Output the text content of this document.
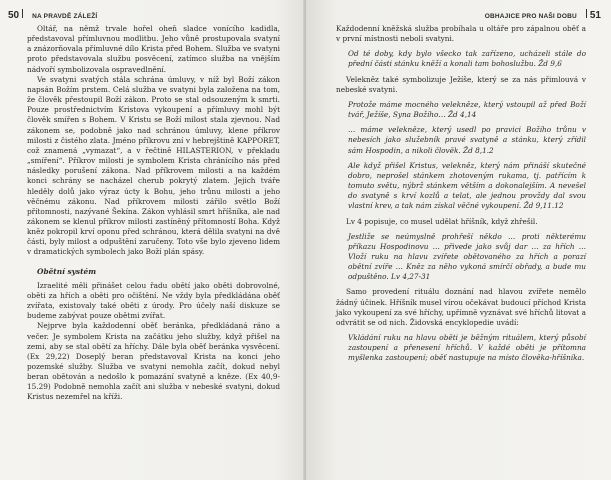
50 NA PRAVDĚ ZÁLEŽÍ

Oltář, na němž trvale hořel oheň sladce vonícího kadidla, představoval přímluvnou modlitbu. Jeho vůně prostupovala svatyní a znázorňovala přímluvné dílo Krista před Bohem. Služba ve svatyni proto představovala službu posvěcení, zatímco služba na vnějším nádvoří symbolizovala ospravedlnění.

Ve svatyni svatých stála schrána úmluvy, v níž byl Boží zákon napsán Božím prstem. Celá služba ve svatyni byla založena na tom, že člověk přestoupil Boží zákon. Proto se stal odsouzeným k smrti. Pouze prostřednictvím Kristova vykoupení a přímluvy mohl být člověk smířen s Bohem. V Kristu se Boží milost stala zjevnou. Nad zákonem se, podobně jako nad schránou úmluvy, klene příkrov milosti z čistého zlata. Jméno příkrovu zní v hebrejštině KAPPORET, což znamená „vymazat“, a v řečtině HILASTERION, v překladu „smíření“. Příkrov milosti je symbolem Krista chránícího nás před následky porušení zákona. Nad příkrovem milosti a na každém konci schrány se nacházel cherub pokrytý zlatem. Jejich tváře hleděly dolů jako výraz úcty k Bohu, jeho trůnu milosti a jeho věčnému zákonu. Nad příkrovem milosti zářilo světlo Boží přítomnosti, nazývané Šekína. Zákon vyhlásil smrt hříšníka, ale nad zákonem se klenul příkrov milosti zastíněný přítomností Boha. Když kněz pokropil krví oponu před schránou, která dělila svatyni na dvě části, byly milost a odpuštění zaručeny. Toto vše bylo zjeveno lidem v dramatických symbolech jako Boží plán spásy.

Obětní systém

Izraelité měli přinášet celou řadu obětí jako oběti dobrovolné, oběti za hřích a oběti pro očištění. Ne vždy byla předkládána oběť zvířata, existovaly také oběti z úrody. Pro účely naší diskuze se budeme zabývat pouze obětmi zvířat.

Nejprve byla každodenní oběť beránka, předkládaná ráno a večer. Je symbolem Krista na začátku jeho služby, když přišel na zemi, aby se stal obětí za hříchy. Dále byla oběť beránka vysvěcení. (Ex 29,22) Doseplý beran představoval Krista na konci jeho pozemské služby. Služba ve svatyni nemohla začít, dokud nebyl beran obětován a nedošlo k pomazání svatyně a kněze. (Ex 40,9-15.29) Podobně nemohla začít ani služba v nebeské svatyni, dokud Kristus nezemřel na kříži.

OBHAJICE PRO NAŠI DOBU 51

Každodenní kněžská služba probíhala u oltáře pro zápalnou oběť a v první místnosti neboli svatyni.

Od té doby, kdy bylo všecko tak zařízeno, ucházeli stále do přední části stánku kněží a konali tam bohoslužbu. Žd 9,6

Velekněz také symbolizuje Ježíše, který se za nás přimlouvá v nebeské svatyni.

Protože máme mocného velekněze, který vstoupil až před Boží tvář, Ježíše, Syna Božího… Žd 4,14

… máme velekněze, který usedl po pravici Božího trůnu v nebesích jako služebník pravé svatyně a stánku, který zřídil sám Hospodin, a nikoli člověk. Žd 8,1.2

Ale když přišel Kristus, velekněz, který nám přináší skutečné dobro, neprošel stánkem zhotoveným rukama, tj. patřícím k tomuto světu, nýbrž stánkem větším a dokonalejším. A nevešel do svatyně s krví kozlů a telat, ale jednou provždy dal svou vlastní krev, a tak nám získal věčné vykoupení. Žd 9,11.12

Lv 4 popisuje, co musel udělat hříšník, když zhřešil.

Jestliže se neúmyslně prohřeší někdo … proti některému příkazu Hospodinovu … přivede jako svůj dar … za hřích … Vloží ruku na hlavu zvířete obětovaného za hřích a porazí obětní zvíře … Kněz za něho vykoná smírčí obřady, a bude mu odpuštěno. Lv 4,27-31

Samo provedení rituálu doznání nad hlavou zvířete nemělo žádný účinek. Hříšník musel vírou očekávat budoucí příchod Krista jako vykoupení za své hříchy, upřímně vyznávat své hříchů litovat a odvrátit se od nich. Židovská encyklopedie uvádí:

Vkládání ruku na hlavu oběti je běžným rituálem, který působí zastoupení a přenesení hříchů. V každé oběti je přítomna myšlenka zastoupení; oběť nastupuje na místo člověka-hříšníka.
